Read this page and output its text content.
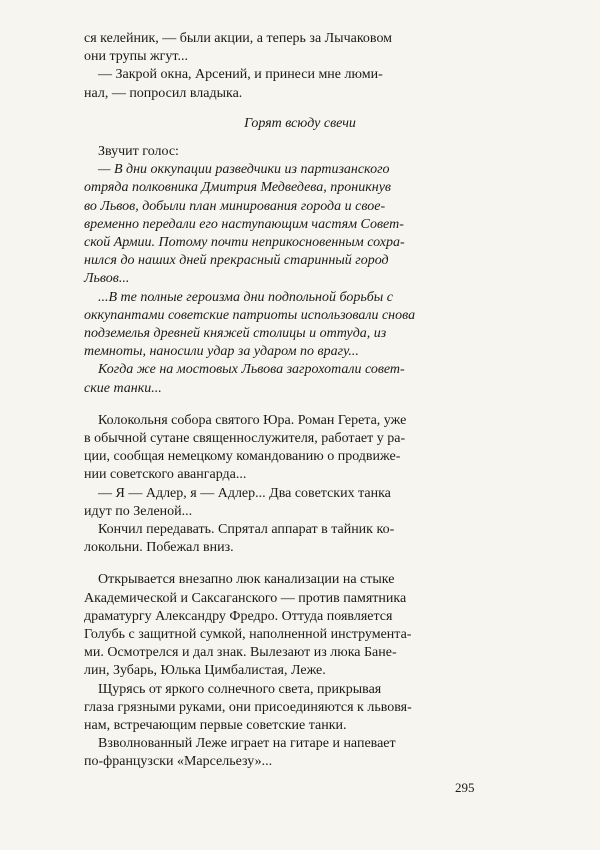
ся келейник, — были акции, а теперь за Лычаковом

они трупы жгут...

— Закрой окна, Арсений, и принеси мне люми-

нал, — попросил владыка.

Горят всюду свечи

Звучит голос:

— В дни оккупации разведчики из партизанского

отряда полковника Дмитрия Медведева, проникнув

во Львов, добыли план минирования города и свое-

временно передали его наступающим частям Совет-

ской Армии. Потому почти неприкосновенным сохра-

нился до наших дней прекрасный старинный город

Львов...

...В те полные героизма дни подпольной борьбы с

оккупантами советские патриоты использовали снова

подземелья древней княжей столицы и оттуда, из

темноты, наносили удар за ударом по врагу...

Когда же на мостовых Львова загрохотали совет-

ские танки...

Колокольня собора святого Юра. Роман Герета, уже

в обычной сутане священнослужителя, работает у ра-

ции, сообщая немецкому командованию о продвиже-

нии советского авангарда...

— Я — Адлер, я — Адлер... Два советских танка

идут по Зеленой...

Кончил передавать. Спрятал аппарат в тайник ко-

локольни. Побежал вниз.

Открывается внезапно люк канализации на стыке

Академической и Саксаганского — против памятника

драматургу Александру Фредро. Оттуда появляется

Голубь с защитной сумкой, наполненной инструмента-

ми. Осмотрелся и дал знак. Вылезают из люка Бане-

лин, Зубарь, Юлька Цимбалистая, Леже.

Щурясь от яркого солнечного света, прикрывая

глаза грязными руками, они присоединяются к львовя-

нам, встречающим первые советские танки.

Взволнованный Леже играет на гитаре и напевает

по-французски «Марсельезу»...

295
